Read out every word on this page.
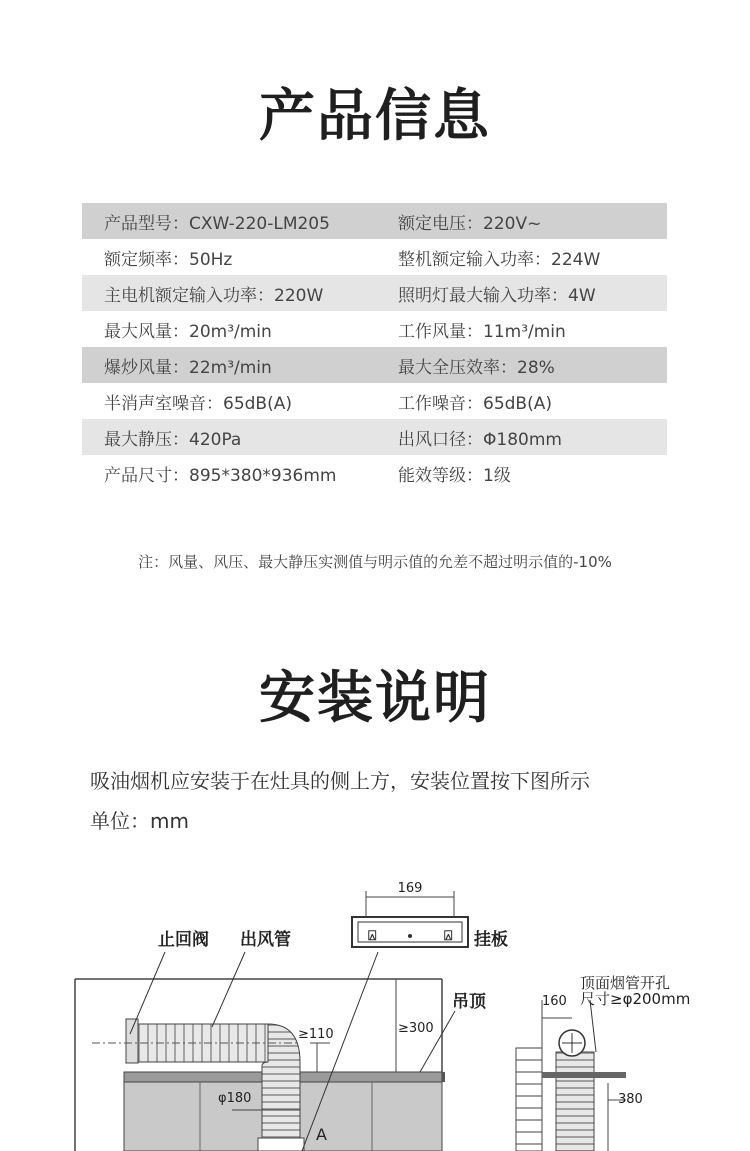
产品信息
产品型号：CXW-220-LM205	额定电压：220V~
额定频率：50Hz	整机额定输入功率：224W
主电机额定输入功率：220W	照明灯最大输入功率：4W
最大风量：20m³/min	工作风量：11m³/min
爆炒风量：22m³/min	最大全压效率：28%
半消声室噪音：65dB(A)	工作噪音：65dB(A)
最大静压：420Pa	出风口径：Φ180mm
产品尺寸：895*380*936mm	能效等级：1级
注：风量、风压、最大静压实测值与明示值的允差不超过明示值的-10%
安装说明
吸油烟机应安装于在灶具的侧上方，安装位置按下图所示
单位：mm
⍓	⍓
169
止回阀 出风管	挂板
吊顶
≥110	≥300
φ180
A
顶面烟管开孔
尺寸≥φ200mm
160
380
